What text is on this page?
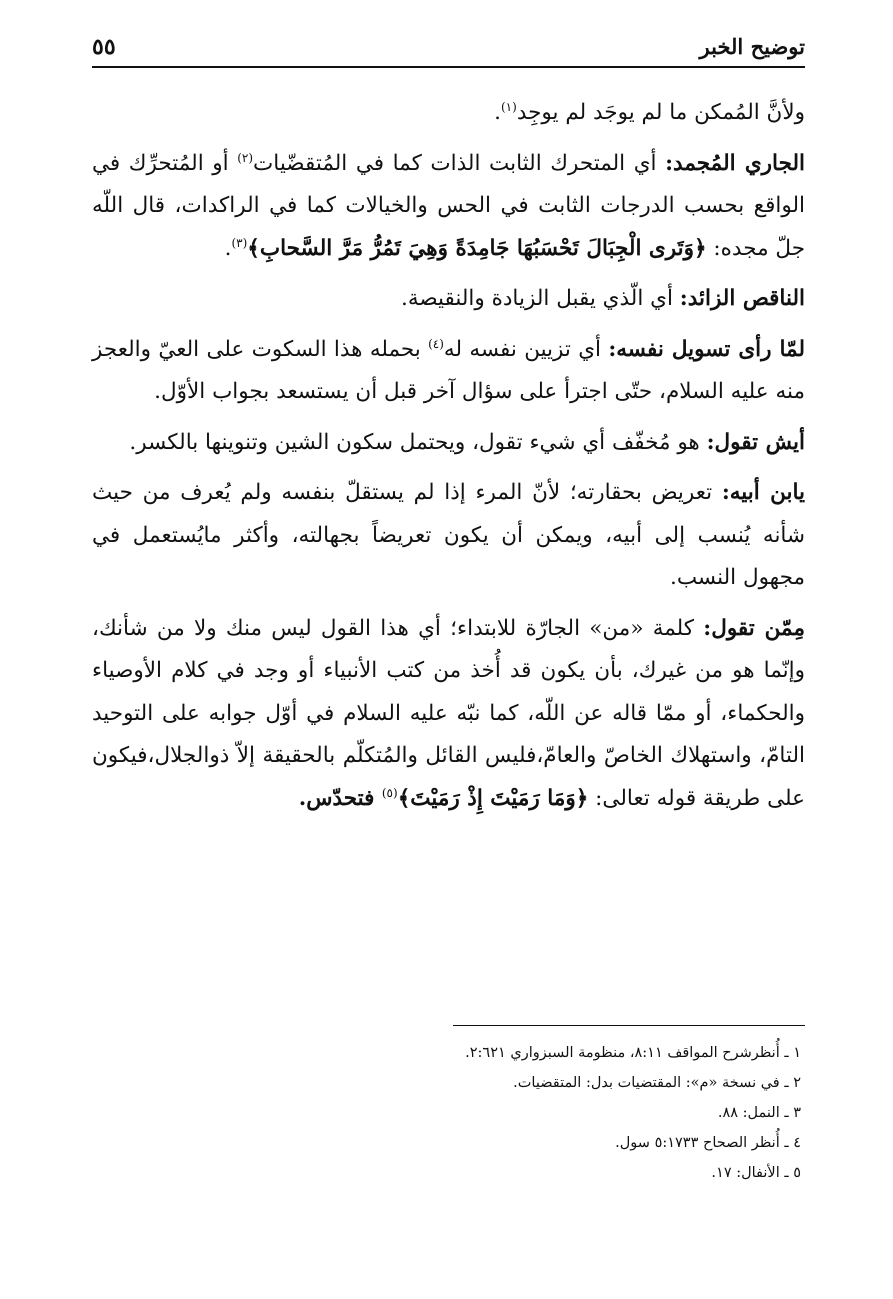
توضيح الخبر
٥٥

ولأنَّ المُمكن ما لم يوجَد لم يوجِد$^{(١)}$.

الجاري المُجمد: أي المتحرك الثابت الذات كما في المُتقضّيات$^{(٢)}$ أو المُتحرِّك في الواقع بحسب الدرجات الثابت في الحس والخيالات كما في الراكدات، قال اللّه جلّ مجده: ﴿وَتَرى الْجِبَالَ تَحْسَبُهَا جَامِدَةً وَهِيَ تَمُرُّ مَرَّ السَّحابِ﴾$^{(٣)}$.

الناقص الزائد: أي الّذي يقبل الزيادة والنقيصة.

لمّا رأى تسويل نفسه: أي تزيين نفسه له$^{(٤)}$ بحمله هذا السكوت على العيّ والعجز منه عليه السلام، حتّى اجترأ على سؤال آخر قبل أن يستسعد بجواب الأوّل.

أيش تقول: هو مُخفّف أي شيء تقول، ويحتمل سكون الشين وتنوينها بالكسر.

يابن أبيه: تعريض بحقارته؛ لأنّ المرء إذا لم يستقلّ بنفسه ولم يُعرف من حيث شأنه يُنسب إلى أبيه، ويمكن أن يكون تعريضاً بجهالته، وأكثر مايُستعمل في مجهول النسب.

مِمّن تقول: كلمة «من» الجارّة للابتداء؛ أي هذا القول ليس منك ولا من شأنك، وإنّما هو من غيرك، بأن يكون قد أُخذ من كتب الأنبياء أو وجد في كلام الأوصياء والحكماء، أو ممّا قاله عن اللّه، كما نبّه عليه السلام في أوّل جوابه على التوحيد التامّ، واستهلاك الخاصّ والعامّ،فليس القائل والمُتكلّم بالحقيقة إلاّ ذوالجلال،فيكون على طريقة قوله تعالى: ﴿وَمَا رَمَيْتَ إِذْ رَمَيْتَ﴾$^{(٥)}$ فتحدّس.

١ ـ أُنظرشرح المواقف ٨:١١، منظومة السبزواري ٢:٦٢١.
٢ ـ في نسخة «م»: المقتضيات بدل: المتقضيات.
٣ ـ النمل: ٨٨.
٤ ـ أُنظر الصحاح ٥:١٧٣٣ سول.
٥ ـ الأنفال: ١٧.
